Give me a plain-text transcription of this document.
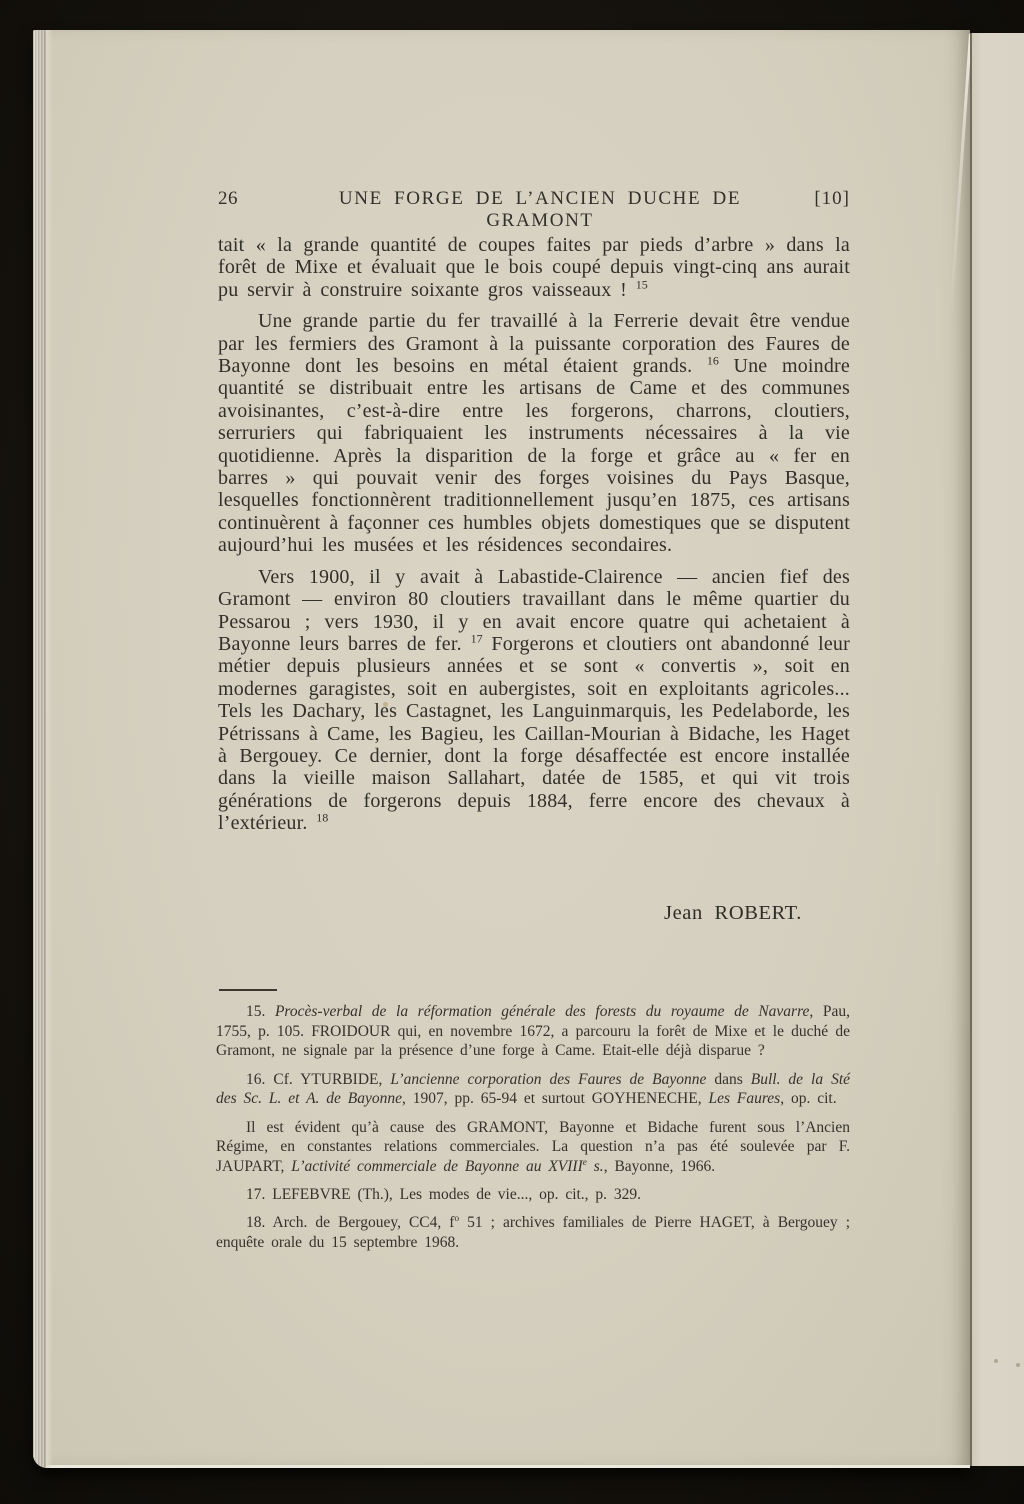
26	UNE FORGE DE L’ANCIEN DUCHE DE GRAMONT
[10]

tait « la grande quantité de coupes faites par pieds d’arbre » dans la forêt de Mixe et évaluait que le bois coupé depuis vingt-cinq ans aurait pu servir à construire soixante gros vaisseaux ! $^{15}$

Une grande partie du fer travaillé à la Ferrerie devait être vendue par les fermiers des Gramont à la puissante corporation des Faures de Bayonne dont les besoins en métal étaient grands. $^{16}$ Une moindre quantité se distribuait entre les artisans de Came et des communes avoisinantes, c’est-à-dire entre les forgerons, charrons, cloutiers, serruriers qui fabriquaient les instruments nécessaires à la vie quotidienne. Après la disparition de la forge et grâce au « fer en barres » qui pouvait venir des forges voisines du Pays Basque, lesquelles fonctionnèrent traditionnellement jusqu’en 1875, ces artisans continuèrent à façonner ces humbles objets domestiques que se disputent aujourd’hui les musées et les résidences secondaires.

Vers 1900, il y avait à Labastide-Clairence — ancien fief des Gramont — environ 80 cloutiers travaillant dans le même quartier du Pessarou ; vers 1930, il y en avait encore quatre qui achetaient à Bayonne leurs barres de fer. $^{17}$ Forgerons et cloutiers ont abandonné leur métier depuis plusieurs années et se sont « convertis », soit en modernes garagistes, soit en aubergistes, soit en exploitants agricoles... Tels les Dachary, les Castagnet, les Languinmarquis, les Pedelaborde, les Pétrissans à Came, les Bagieu, les Caillan-Mourian à Bidache, les Haget à Bergouey. Ce dernier, dont la forge désaffectée est encore installée dans la vieille maison Sallahart, datée de 1585, et qui vit trois générations de forgerons depuis 1884, ferre encore des chevaux à l’extérieur. $^{18}$

Jean ROBERT.

15. Procès-verbal de la réformation générale des forests du royaume de Navarre, Pau, 1755, p. 105. FROIDOUR qui, en novembre 1672, a parcouru la forêt de Mixe et le duché de Gramont, ne signale par la présence d’une forge à Came. Etait-elle déjà disparue ?

16. Cf. YTURBIDE, L’ancienne corporation des Faures de Bayonne dans Bull. de la Sté des Sc. L. et A. de Bayonne, 1907, pp. 65-94 et surtout GOYHENECHE, Les Faures, op. cit.

Il est évident qu’à cause des GRAMONT, Bayonne et Bidache furent sous l’Ancien Régime, en constantes relations commerciales. La question n’a pas été soulevée par F. JAUPART, L’activité commerciale de Bayonne au XVIIIe s., Bayonne, 1966.

17. LEFEBVRE (Th.), Les modes de vie..., op. cit., p. 329.

18. Arch. de Bergouey, CC4, $f^o$ 51 ; archives familiales de Pierre HAGET, à Bergouey ; enquête orale du 15 septembre 1968.
